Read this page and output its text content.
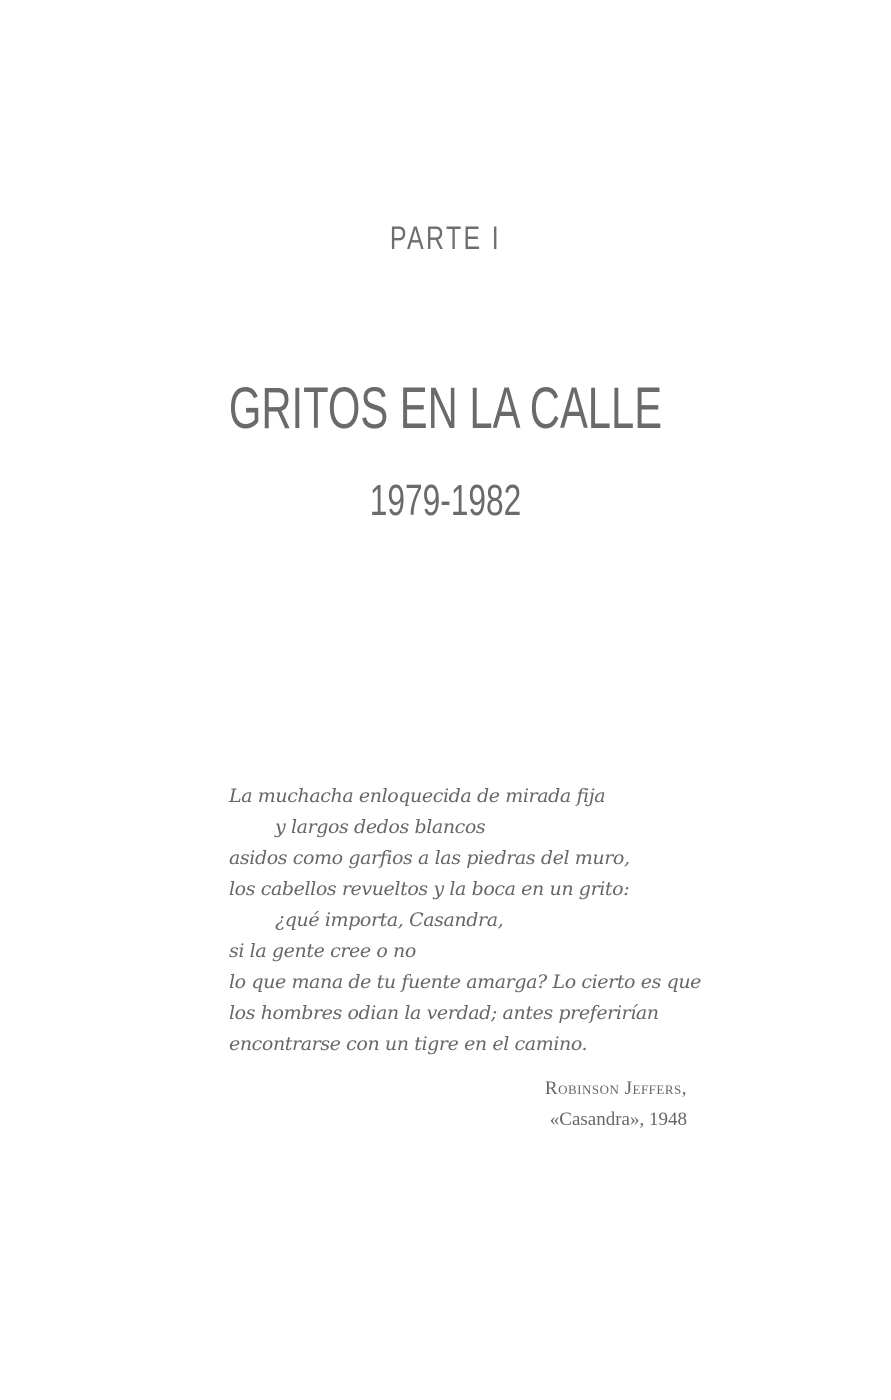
PARTE I
GRITOS EN LA CALLE
1979-1982
La muchacha enloquecida de mirada fija
y largos dedos blancos
asidos como garfios a las piedras del muro,
los cabellos revueltos y la boca en un grito:
¿qué importa, Casandra,
si la gente cree o no
lo que mana de tu fuente amarga? Lo cierto es que
los hombres odian la verdad; antes preferirían
encontrarse con un tigre en el camino.
Robinson Jeffers,
«Casandra», 1948
